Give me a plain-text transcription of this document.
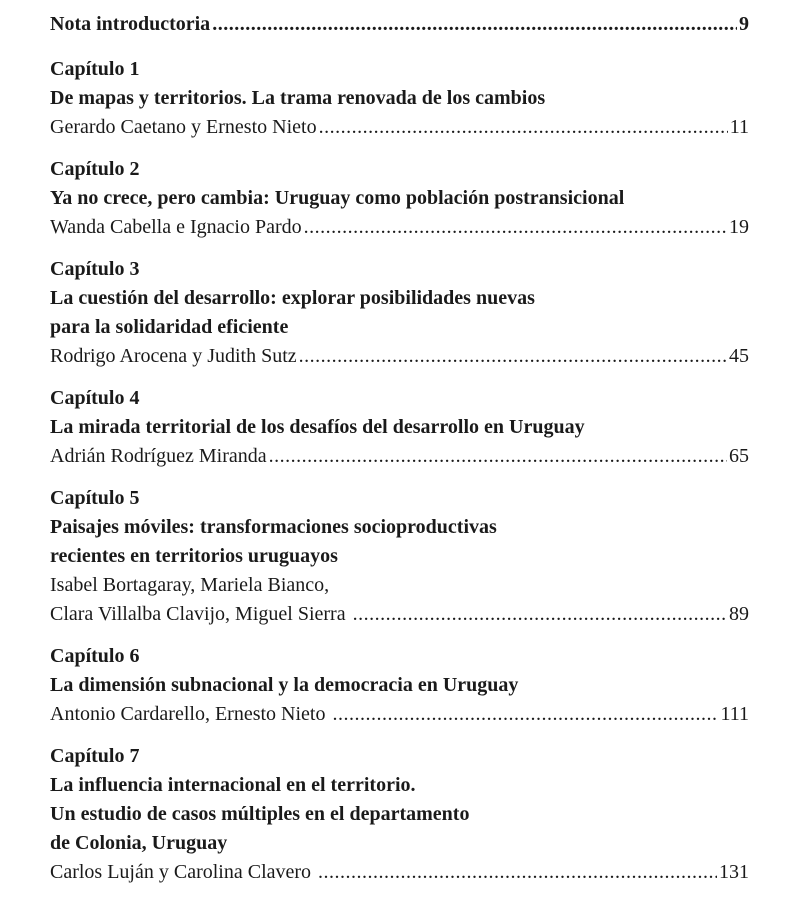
Nota introductoria .....	9
Capítulo 1
De mapas y territorios. La trama renovada de los cambios
Gerardo Caetano y Ernesto Nieto .....	11
Capítulo 2
Ya no crece, pero cambia: Uruguay como población postransicional
Wanda Cabella e Ignacio Pardo .....	19
Capítulo 3
La cuestión del desarrollo: explorar posibilidades nuevas
para la solidaridad eficiente
Rodrigo Arocena y Judith Sutz .....	45
Capítulo 4
La mirada territorial de los desafíos del desarrollo en Uruguay
Adrián Rodríguez Miranda .....	65
Capítulo 5
Paisajes móviles: transformaciones socioproductivas
recientes en territorios uruguayos
Isabel Bortagaray, Mariela Bianco,
Clara Villalba Clavijo, Miguel Sierra .....	89
Capítulo 6
La dimensión subnacional y la democracia en Uruguay
Antonio Cardarello, Ernesto Nieto .....	111
Capítulo 7
La influencia internacional en el territorio.
Un estudio de casos múltiples en el departamento
de Colonia, Uruguay
Carlos Luján y Carolina Clavero .....	131
